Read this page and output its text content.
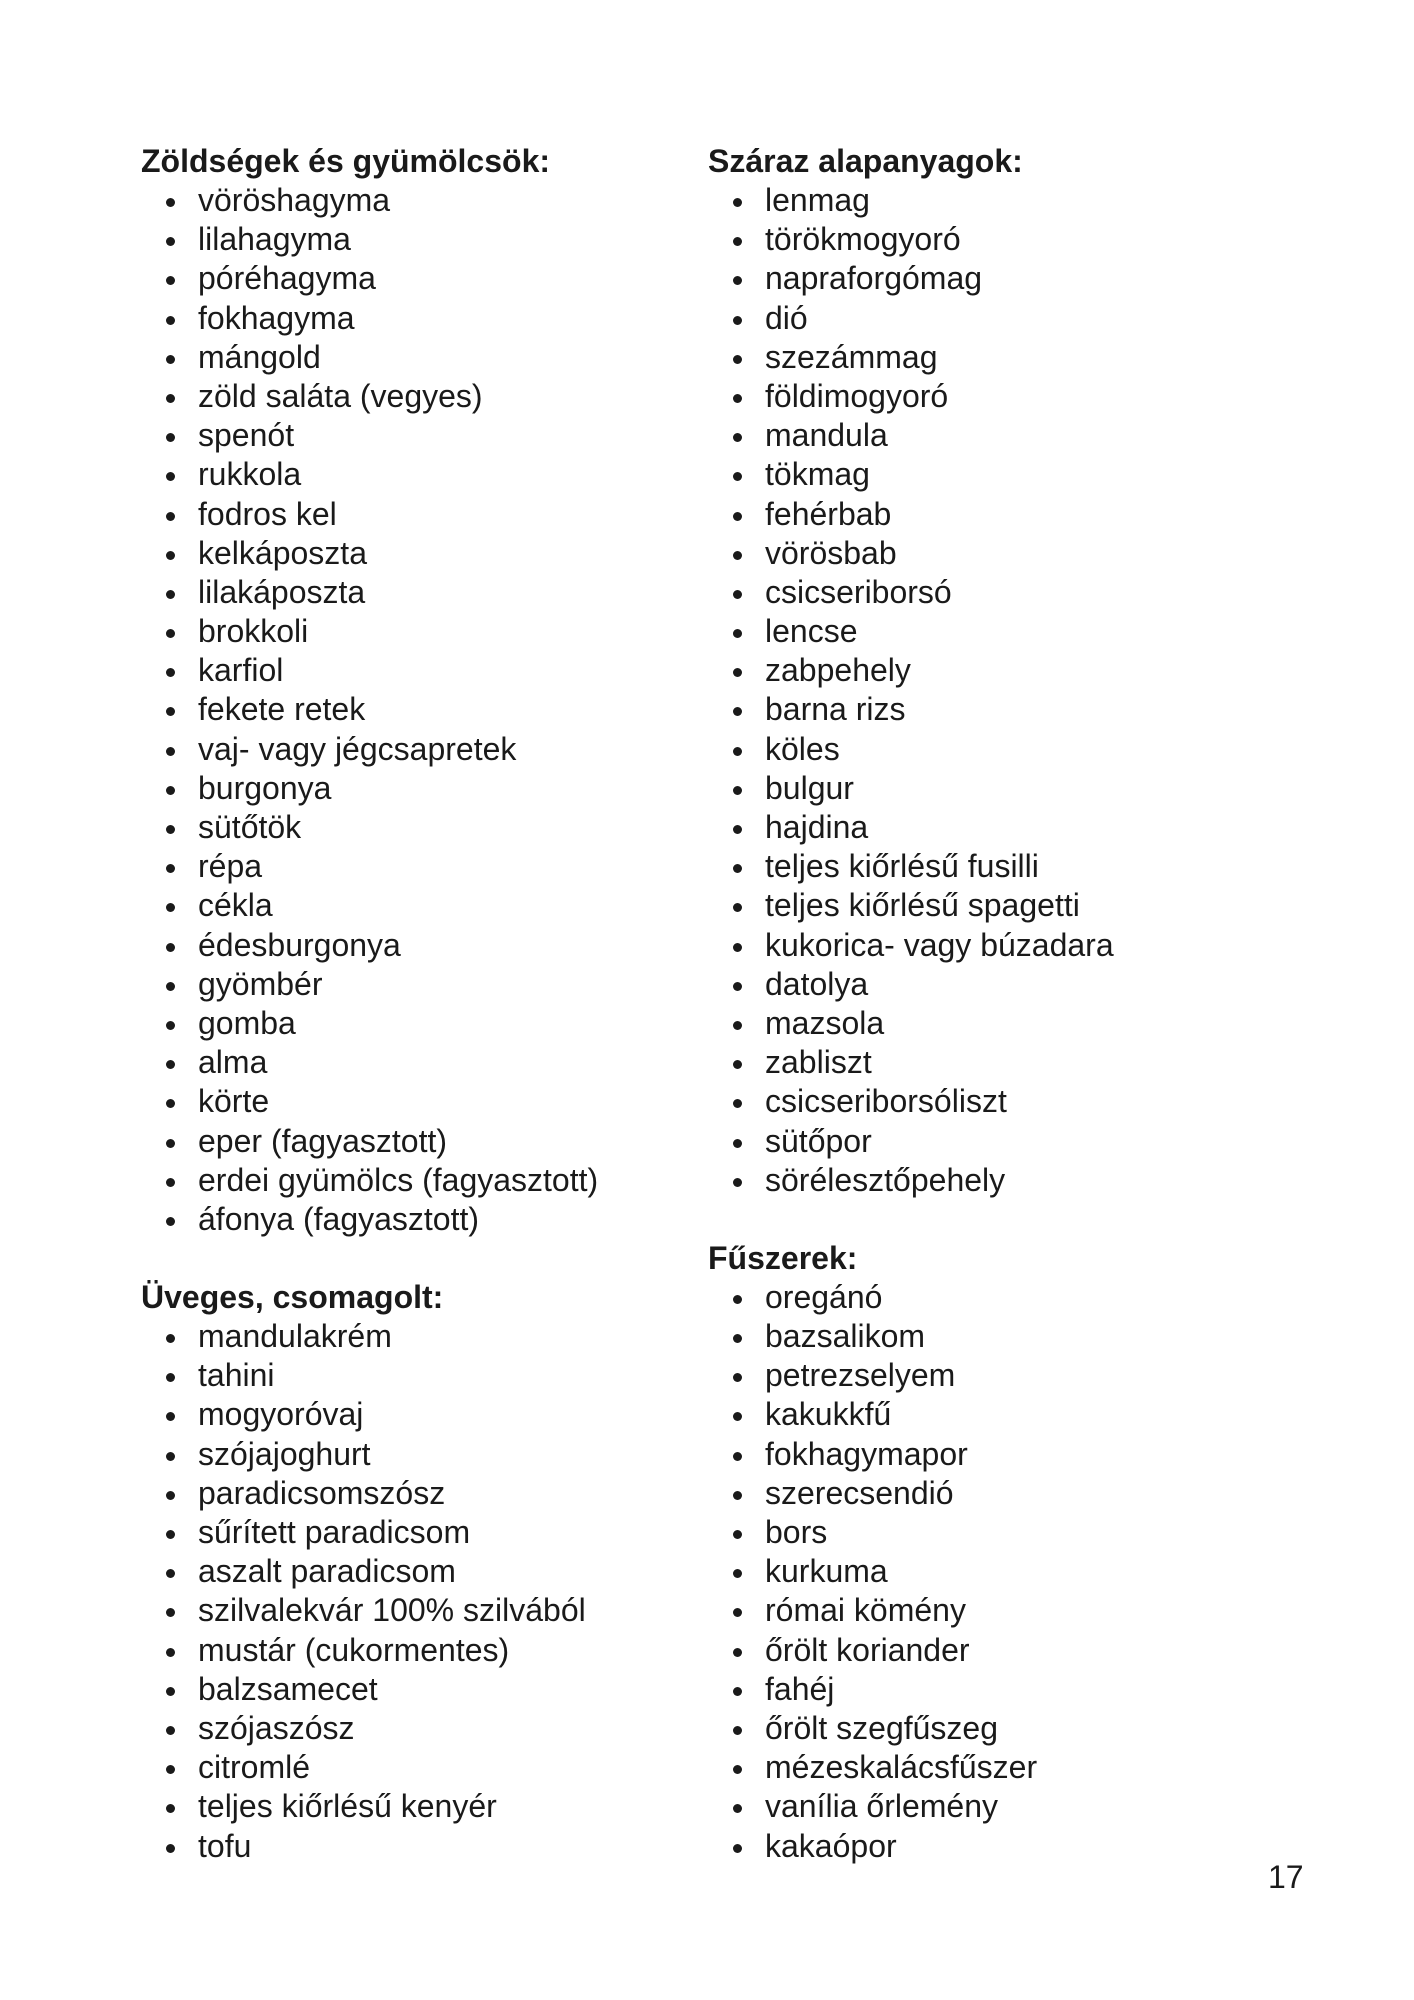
Zöldségek és gyümölcsök:
vöröshagyma
lilahagyma
póréhagyma
fokhagyma
mángold
zöld saláta (vegyes)
spenót
rukkola
fodros kel
kelkáposzta
lilakáposzta
brokkoli
karfiol
fekete retek
vaj- vagy jégcsapretek
burgonya
sütőtök
répa
cékla
édesburgonya
gyömbér
gomba
alma
körte
eper (fagyasztott)
erdei gyümölcs (fagyasztott)
áfonya (fagyasztott)
Üveges, csomagolt:
mandulakrém
tahini
mogyoróvaj
szójajoghurt
paradicsomszósz
sűrített paradicsom
aszalt paradicsom
szilvalekvár 100% szilvából
mustár (cukormentes)
balzsamecet
szójaszósz
citromlé
teljes kiőrlésű kenyér
tofu
Száraz alapanyagok:
lenmag
törökmogyoró
napraforgómag
dió
szezámmag
földimogyoró
mandula
tökmag
fehérbab
vörösbab
csicseriborsó
lencse
zabpehely
barna rizs
köles
bulgur
hajdina
teljes kiőrlésű fusilli
teljes kiőrlésű spagetti
kukorica- vagy búzadara
datolya
mazsola
zabliszt
csicseriborsóliszt
sütőpor
sörélesztőpehely
Fűszerek:
oregánó
bazsalikom
petrezselyem
kakukkfű
fokhagymapor
szerecsendió
bors
kurkuma
római kömény
őrölt koriander
fahéj
őrölt szegfűszeg
mézeskalácsfűszer
vanília őrlemény
kakaópor
17
